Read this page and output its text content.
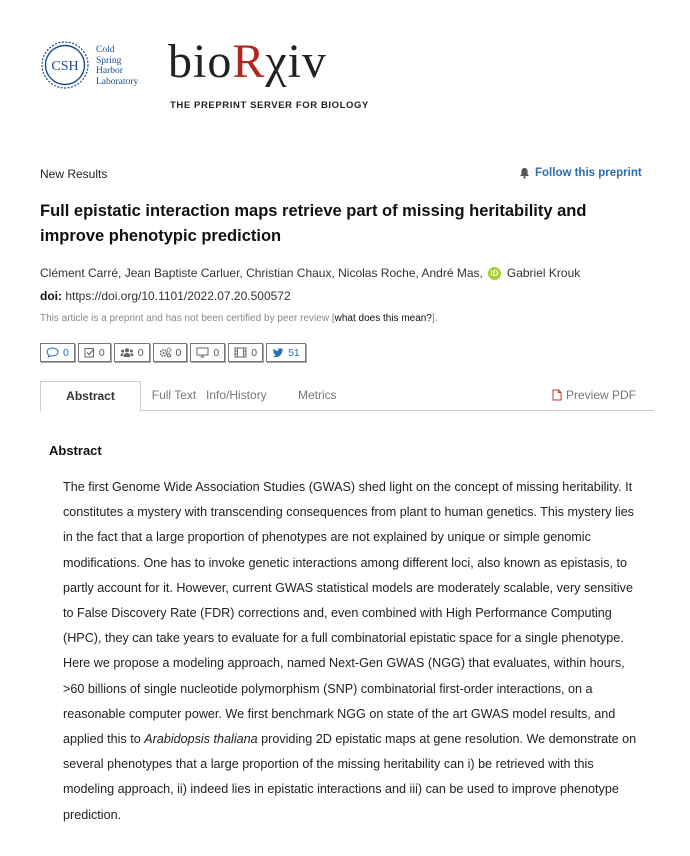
CSH
Cold
Spring
Harbor
Laboratory bioRχiv
THE PREPRINT SERVER FOR BIOLOGY
New Results	Follow this preprint
Full epistatic interaction maps retrieve part of missing heritability and improve phenotypic prediction
Clément Carré, Jean Baptiste Carluer, Christian Chaux, Nicolas Roche, André Mas, iD Gabriel Krouk
doi: https://doi.org/10.1101/2022.07.20.500572
This article is a preprint and has not been certified by peer review [what does this mean?].
0	0	0	0	0	0	51
Abstract	Full Text Info/History	Metrics	Preview PDF
Abstract
The first Genome Wide Association Studies (GWAS) shed light on the concept of missing heritability. It constitutes a mystery with transcending consequences from plant to human genetics. This mystery lies in the fact that a large proportion of phenotypes are not explained by unique or simple genomic modifications. One has to invoke genetic interactions among different loci, also known as epistasis, to partly account for it. However, current GWAS statistical models are moderately scalable, very sensitive to False Discovery Rate (FDR) corrections and, even combined with High Performance Computing (HPC), they can take years to evaluate for a full combinatorial epistatic space for a single phenotype. Here we propose a modeling approach, named Next-Gen GWAS (NGG) that evaluates, within hours, >60 billions of single nucleotide polymorphism (SNP) combinatorial first-order interactions, on a reasonable computer power. We first benchmark NGG on state of the art GWAS model results, and applied this to Arabidopsis thaliana providing 2D epistatic maps at gene resolution. We demonstrate on several phenotypes that a large proportion of the missing heritability can i) be retrieved with this modeling approach, ii) indeed lies in epistatic interactions and iii) can be used to improve phenotype prediction.
